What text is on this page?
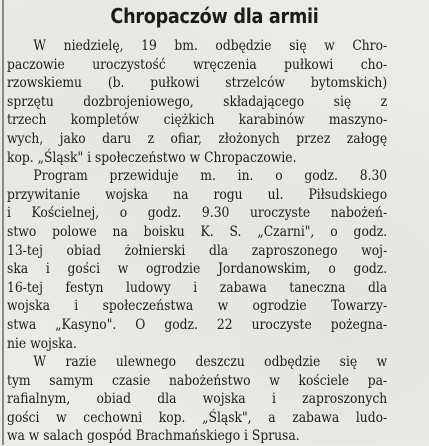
Chropaczów dla armii
W niedzielę, 19 bm. odbędzie się w Chro-
paczowie uroczystość wręczenia pułkowi cho-
rzowskiemu (b. pułkowi strzelców bytomskich)
sprzętu dozbrojeniowego, składającego się z
trzech kompletów ciężkich karabinów maszyno-
wych, jako daru z ofiar, złożonych przez załogę
kop. „Śląsk" i społeczeństwo w Chropaczowie.
Program przewiduje m. in. o godz. 8.30
przywitanie wojska na rogu ul. Piłsudskiego
i Kościelnej, o godz. 9.30 uroczyste nabożeń-
stwo polowe na boisku K. S. „Czarni", o godz.
13-tej obiad żołnierski dla zaproszonego woj-
ska i gości w ogrodzie Jordanowskim, o godz.
16-tej festyn ludowy i zabawa taneczna dla
wojska i społeczeństwa w ogrodzie Towarzy-
stwa „Kasyno". O godz. 22 uroczyste pożegna-
nie wojska.
W razie ulewnego deszczu odbędzie się w
tym samym czasie nabożeństwo w kościele pa-
rafialnym, obiad dla wojska i zaproszonych
gości w cechowni kop. „Śląsk", a zabawa ludo-
wa w salach gospód Brachmańskiego i Sprusa.
